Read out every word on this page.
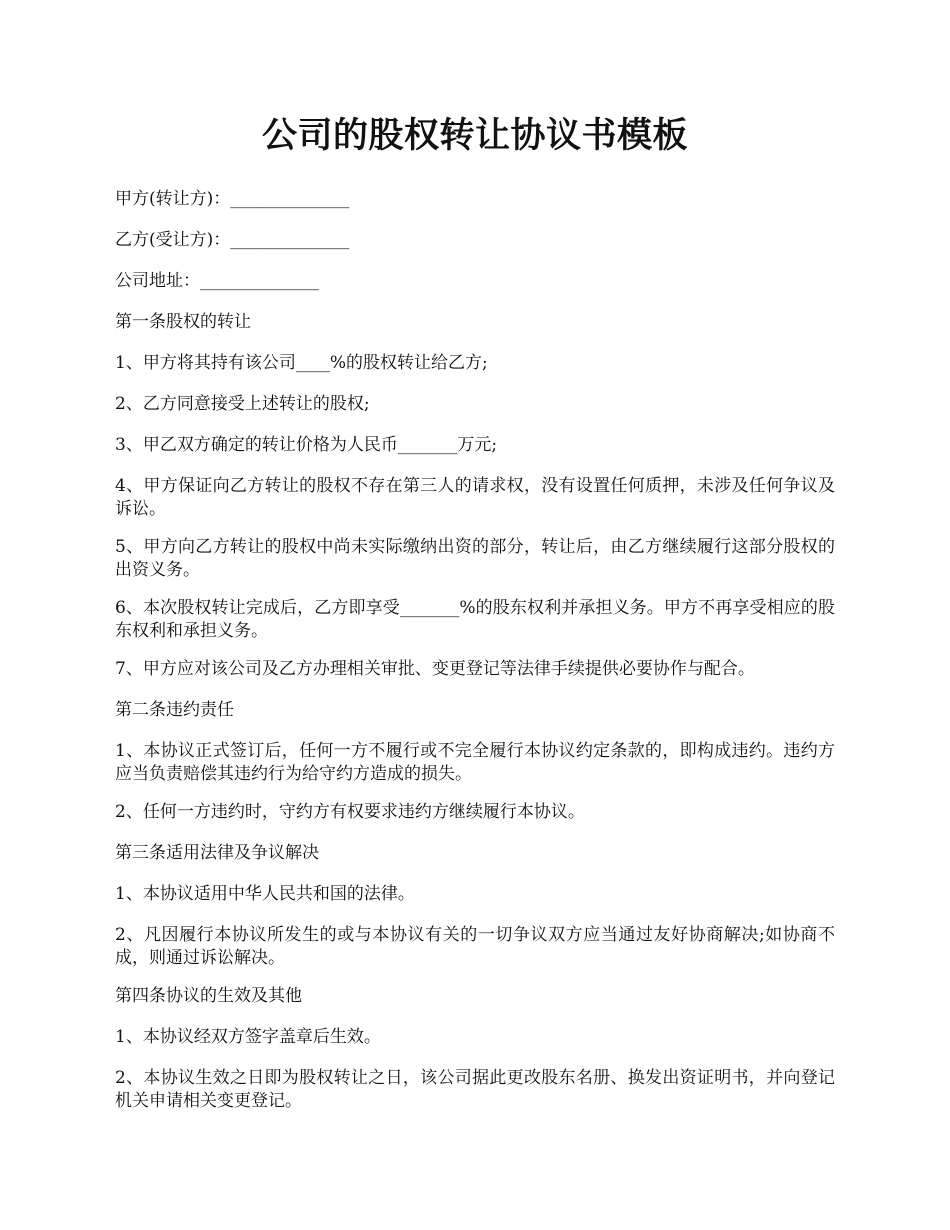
公司的股权转让协议书模板

甲方(转让方)：______________

乙方(受让方)：______________

公司地址：______________

第一条股权的转让

1、甲方将其持有该公司____%的股权转让给乙方;

2、乙方同意接受上述转让的股权;

3、甲乙双方确定的转让价格为人民币_______万元;

4、甲方保证向乙方转让的股权不存在第三人的请求权，没有设置任何质押，未涉及任何争议及诉讼。

5、甲方向乙方转让的股权中尚未实际缴纳出资的部分，转让后，由乙方继续履行这部分股权的出资义务。

6、本次股权转让完成后，乙方即享受_______%的股东权利并承担义务。甲方不再享受相应的股东权利和承担义务。

7、甲方应对该公司及乙方办理相关审批、变更登记等法律手续提供必要协作与配合。

第二条违约责任

1、本协议正式签订后，任何一方不履行或不完全履行本协议约定条款的，即构成违约。违约方应当负责赔偿其违约行为给守约方造成的损失。

2、任何一方违约时，守约方有权要求违约方继续履行本协议。

第三条适用法律及争议解决

1、本协议适用中华人民共和国的法律。

2、凡因履行本协议所发生的或与本协议有关的一切争议双方应当通过友好协商解决;如协商不成，则通过诉讼解决。

第四条协议的生效及其他

1、本协议经双方签字盖章后生效。

2、本协议生效之日即为股权转让之日，该公司据此更改股东名册、换发出资证明书，并向登记机关申请相关变更登记。
